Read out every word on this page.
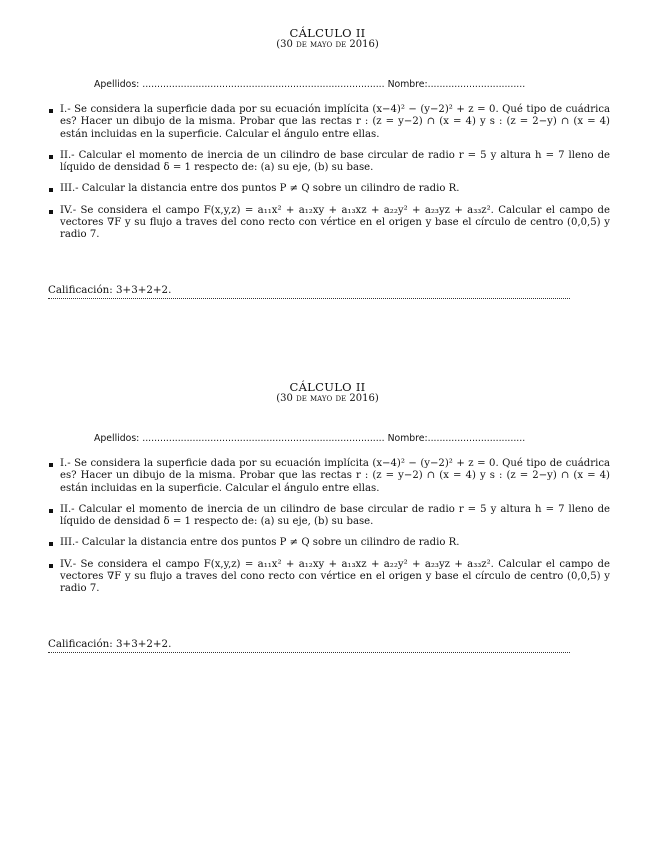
CÁLCULO II
(30 de mayo de 2016)
Apellidos: .................................................................................. Nombre:.................................
I.- Se considera la superficie dada por su ecuación implícita (x−4)² − (y−2)² + z = 0. Qué tipo de cuádrica es? Hacer un dibujo de la misma. Probar que las rectas r : (z = y−2) ∩ (x = 4) y s : (z = 2−y) ∩ (x = 4) están incluidas en la superficie. Calcular el ángulo entre ellas.
II.- Calcular el momento de inercia de un cilindro de base circular de radio r = 5 y altura h = 7 lleno de líquido de densidad δ = 1 respecto de: (a) su eje, (b) su base.
III.- Calcular la distancia entre dos puntos P ≠ Q sobre un cilindro de radio R.
IV.- Se considera el campo F(x,y,z) = a₁₁x² + a₁₂xy + a₁₃xz + a₂₂y² + a₂₃yz + a₃₃z². Calcular el campo de vectores ∇F y su flujo a traves del cono recto con vértice en el origen y base el círculo de centro (0,0,5) y radio 7.
Calificación: 3+3+2+2.
CÁLCULO II
(30 de mayo de 2016)
Apellidos: .................................................................................. Nombre:.................................
I.- Se considera la superficie dada por su ecuación implícita (x−4)² − (y−2)² + z = 0. Qué tipo de cuádrica es? Hacer un dibujo de la misma. Probar que las rectas r : (z = y−2) ∩ (x = 4) y s : (z = 2−y) ∩ (x = 4) están incluidas en la superficie. Calcular el ángulo entre ellas.
II.- Calcular el momento de inercia de un cilindro de base circular de radio r = 5 y altura h = 7 lleno de líquido de densidad δ = 1 respecto de: (a) su eje, (b) su base.
III.- Calcular la distancia entre dos puntos P ≠ Q sobre un cilindro de radio R.
IV.- Se considera el campo F(x,y,z) = a₁₁x² + a₁₂xy + a₁₃xz + a₂₂y² + a₂₃yz + a₃₃z². Calcular el campo de vectores ∇F y su flujo a traves del cono recto con vértice en el origen y base el círculo de centro (0,0,5) y radio 7.
Calificación: 3+3+2+2.
